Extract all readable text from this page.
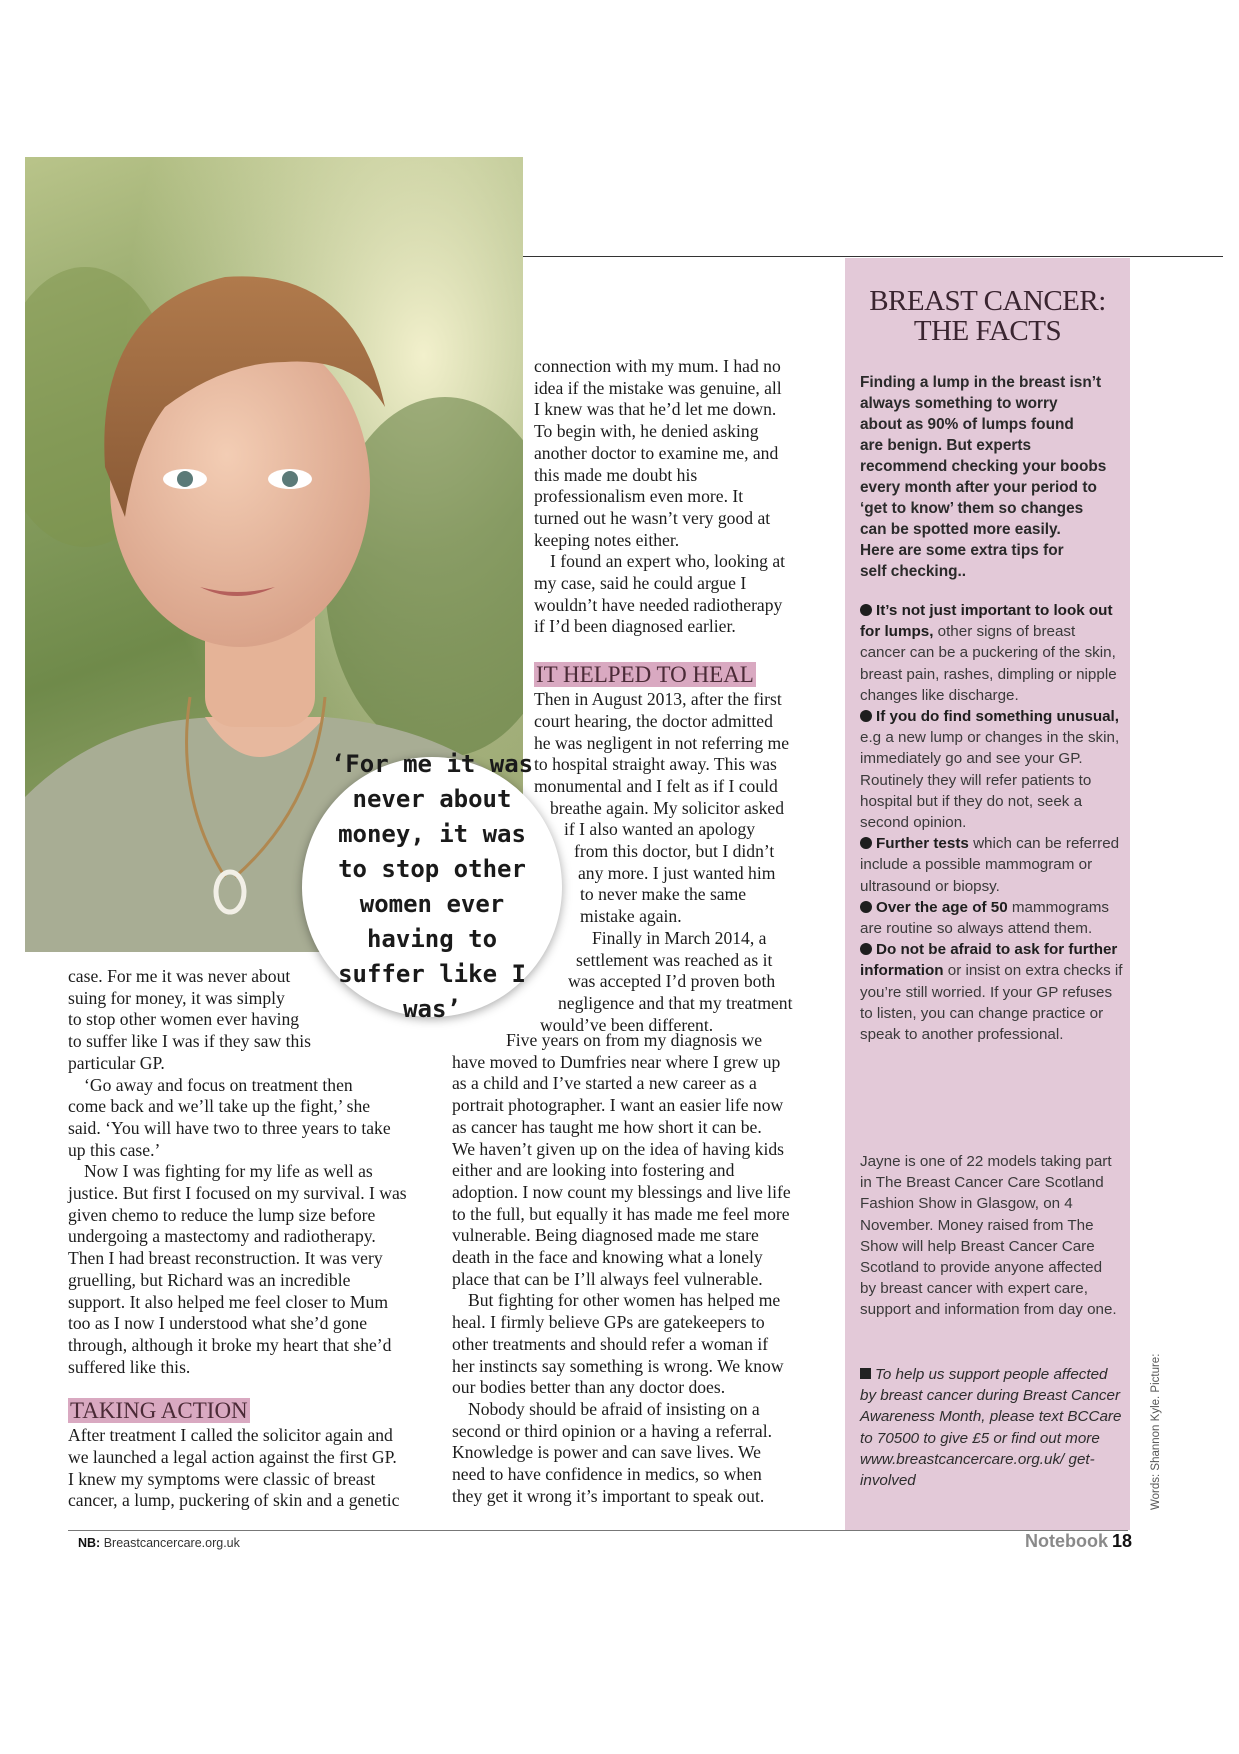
connection with my mum. I had no

idea if the mistake was genuine, all

I knew was that he’d let me down.

To begin with, he denied asking

another doctor to examine me, and

this made me doubt his

professionalism even more. It

turned out he wasn’t very good at

keeping notes either.

I found an expert who, looking at

my case, said he could argue I

wouldn’t have needed radiotherapy

if I’d been diagnosed earlier.

IT HELPED TO HEAL

Then in August 2013, after the first

court hearing, the doctor admitted

he was negligent in not referring me

to hospital straight away. This was

monumental and I felt as if I could

breathe again. My solicitor asked

if I also wanted an apology

from this doctor, but I didn’t

any more. I just wanted him

to never make the same

mistake again.

Finally in March 2014, a

settlement was reached as it

was accepted I’d proven both

negligence and that my treatment

would’ve been different.

case. For me it was never about

suing for money, it was simply

to stop other women ever having

to suffer like I was if they saw this

particular GP.

‘Go away and focus on treatment then

come back and we’ll take up the fight,’ she

said. ‘You will have two to three years to take

up this case.’

Now I was fighting for my life as well as

justice. But first I focused on my survival. I was

given chemo to reduce the lump size before

undergoing a mastectomy and radiotherapy.

Then I had breast reconstruction. It was very

gruelling, but Richard was an incredible

support. It also helped me feel closer to Mum

too as I now I understood what she’d gone

through, although it broke my heart that she’d

suffered like this.

TAKING ACTION

After treatment I called the solicitor again and

we launched a legal action against the first GP.

I knew my symptoms were classic of breast

cancer, a lump, puckering of skin and a genetic

Five years on from my diagnosis we

have moved to Dumfries near where I grew up

as a child and I’ve started a new career as a

portrait photographer. I want an easier life now

as cancer has taught me how short it can be.

We haven’t given up on the idea of having kids

either and are looking into fostering and

adoption. I now count my blessings and live life

to the full, but equally it has made me feel more

vulnerable. Being diagnosed made me stare

death in the face and knowing what a lonely

place that can be I’ll always feel vulnerable.

But fighting for other women has helped me

heal. I firmly believe GPs are gatekeepers to

other treatments and should refer a woman if

her instincts say something is wrong. We know

our bodies better than any doctor does.

Nobody should be afraid of insisting on a

second or third opinion or a having a referral.

Knowledge is power and can save lives. We

need to have confidence in medics, so when

they get it wrong it’s important to speak out.

‘For me it was never about money, it was to stop other women ever having to suffer like I was’
BREAST CANCER:
THE FACTS
Finding a lump in the breast isn’t
always something to worry
about as 90% of lumps found
are benign. But experts
recommend checking your boobs
every month after your period to
‘get to know’ them so changes
can be spotted more easily.
Here are some extra tips for
self checking..

It’s not just important to look out for lumps, other signs of breast cancer can be a puckering of the skin, breast pain, rashes, dimpling or nipple changes like discharge.

If you do find something unusual, e.g a new lump or changes in the skin, immediately go and see your GP. Routinely they will refer patients to hospital but if they do not, seek a second opinion.

Further tests which can be referred include a possible mammogram or ultrasound or biopsy.

Over the age of 50 mammograms are routine so always attend them.

Do not be afraid to ask for further information or insist on extra checks if you’re still worried. If your GP refuses to listen, you can change practice or speak to another professional.

Jayne is one of 22 models taking part in The Breast Cancer Care Scotland Fashion Show in Glasgow, on 4 November. Money raised from The Show will help Breast Cancer Care Scotland to provide anyone affected by breast cancer with expert care, support and information from day one.
To help us support people affected by breast cancer during Breast Cancer Awareness Month, please text BCCare to 70500 to give £5 or find out more www.breastcancercare.org.uk/ get-involved	Words: Shannon Kyle. Picture:
NB: Breastcancercare.org.uk	Notebook 18
